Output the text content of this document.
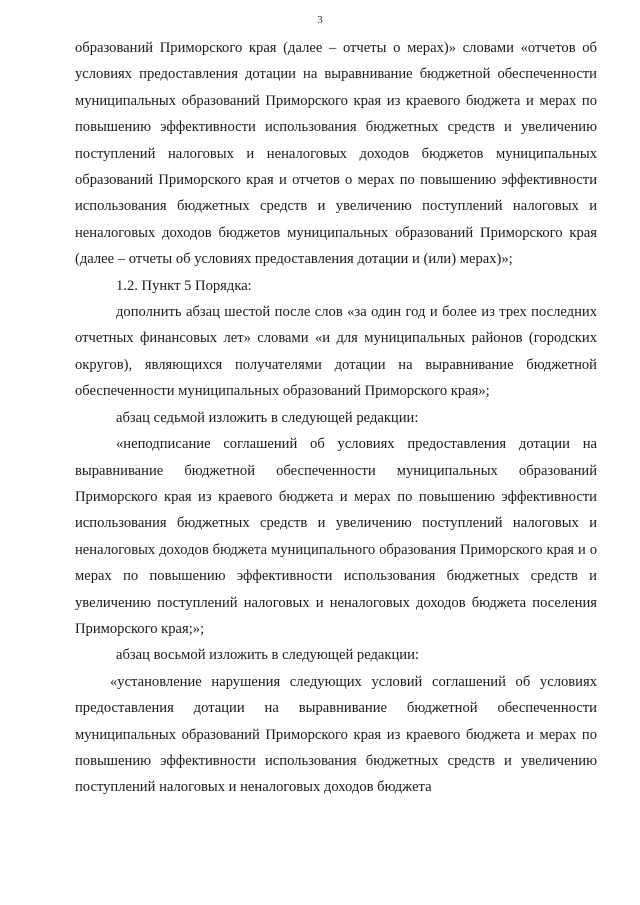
3

образований Приморского края (далее – отчеты о мерах)» словами «отчетов об условиях предоставления дотации на выравнивание бюджетной обеспеченности муниципальных образований Приморского края из краевого бюджета и мерах по повышению эффективности использования бюджетных средств и увеличению поступлений налоговых и неналоговых доходов бюджетов муниципальных образований Приморского края и отчетов о мерах по повышению эффективности использования бюджетных средств и увеличению поступлений налоговых и неналоговых доходов бюджетов муниципальных образований Приморского края (далее – отчеты об условиях предоставления дотации и (или) мерах)»;

1.2. Пункт 5 Порядка:

дополнить абзац шестой после слов «за один год и более из трех последних отчетных финансовых лет» словами «и для муниципальных районов (городских округов), являющихся получателями дотации на выравнивание бюджетной обеспеченности муниципальных образований Приморского края»;

абзац седьмой изложить в следующей редакции:

«неподписание соглашений об условиях предоставления дотации на выравнивание бюджетной обеспеченности муниципальных образований Приморского края из краевого бюджета и мерах по повышению эффективности использования бюджетных средств и увеличению поступлений налоговых и неналоговых доходов бюджета муниципального образования Приморского края и о мерах по повышению эффективности использования бюджетных средств и увеличению поступлений налоговых и неналоговых доходов бюджета поселения Приморского края;»;

абзац восьмой изложить в следующей редакции:

«установление нарушения следующих условий соглашений об условиях предоставления дотации на выравнивание бюджетной обеспеченности муниципальных образований Приморского края из краевого бюджета и мерах по повышению эффективности использования бюджетных средств и увеличению поступлений налоговых и неналоговых доходов бюджета
